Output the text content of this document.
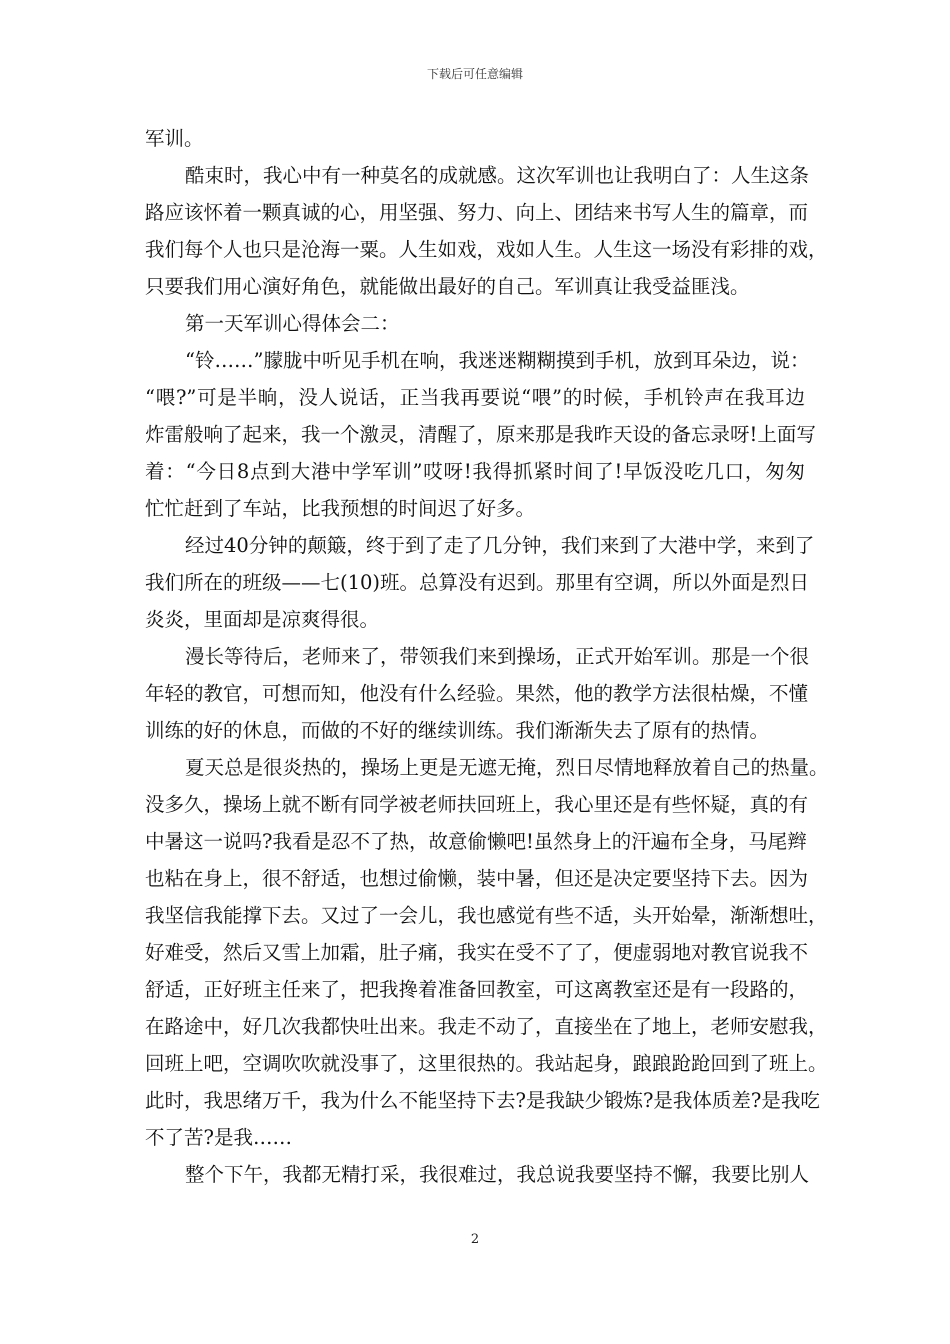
下载后可任意编辑
军训。
酷束时，我心中有一种莫名的成就感。这次军训也让我明白了：人生这条
路应该怀着一颗真诚的心，用坚强、努力、向上、团结来书写人生的篇章，而
我们每个人也只是沧海一粟。人生如戏，戏如人生。人生这一场没有彩排的戏，
只要我们用心演好角色，就能做出最好的自己。军训真让我受益匪浅。
第一天军训心得体会二：
“铃……”朦胧中听见手机在响，我迷迷糊糊摸到手机，放到耳朵边，说：
“喂?”可是半晌，没人说话，正当我再要说“喂”的时候，手机铃声在我耳边
炸雷般响了起来，我一个激灵，清醒了，原来那是我昨天设的备忘录呀!上面写
着：“今日8点到大港中学军训”哎呀!我得抓紧时间了!早饭没吃几口，匆匆
忙忙赶到了车站，比我预想的时间迟了好多。
经过40分钟的颠簸，终于到了走了几分钟，我们来到了大港中学，来到了
我们所在的班级——七(10)班。总算没有迟到。那里有空调，所以外面是烈日
炎炎，里面却是凉爽得很。
漫长等待后，老师来了，带领我们来到操场，正式开始军训。那是一个很
年轻的教官，可想而知，他没有什么经验。果然，他的教学方法很枯燥，不懂
训练的好的休息，而做的不好的继续训练。我们渐渐失去了原有的热情。
夏天总是很炎热的，操场上更是无遮无掩，烈日尽情地释放着自己的热量。
没多久，操场上就不断有同学被老师扶回班上，我心里还是有些怀疑，真的有
中暑这一说吗?我看是忍不了热，故意偷懒吧!虽然身上的汗遍布全身，马尾辫
也粘在身上，很不舒适，也想过偷懒，装中暑，但还是决定要坚持下去。因为
我坚信我能撑下去。又过了一会儿，我也感觉有些不适，头开始晕，渐渐想吐，
好难受，然后又雪上加霜，肚子痛，我实在受不了了，便虚弱地对教官说我不
舒适，正好班主任来了，把我搀着准备回教室，可这离教室还是有一段路的，
在路途中，好几次我都快吐出来。我走不动了，直接坐在了地上，老师安慰我，
回班上吧，空调吹吹就没事了，这里很热的。我站起身，踉踉跄跄回到了班上。
此时，我思绪万千，我为什么不能坚持下去?是我缺少锻炼?是我体质差?是我吃
不了苦?是我……
整个下午，我都无精打采，我很难过，我总说我要坚持不懈，我要比别人
2
